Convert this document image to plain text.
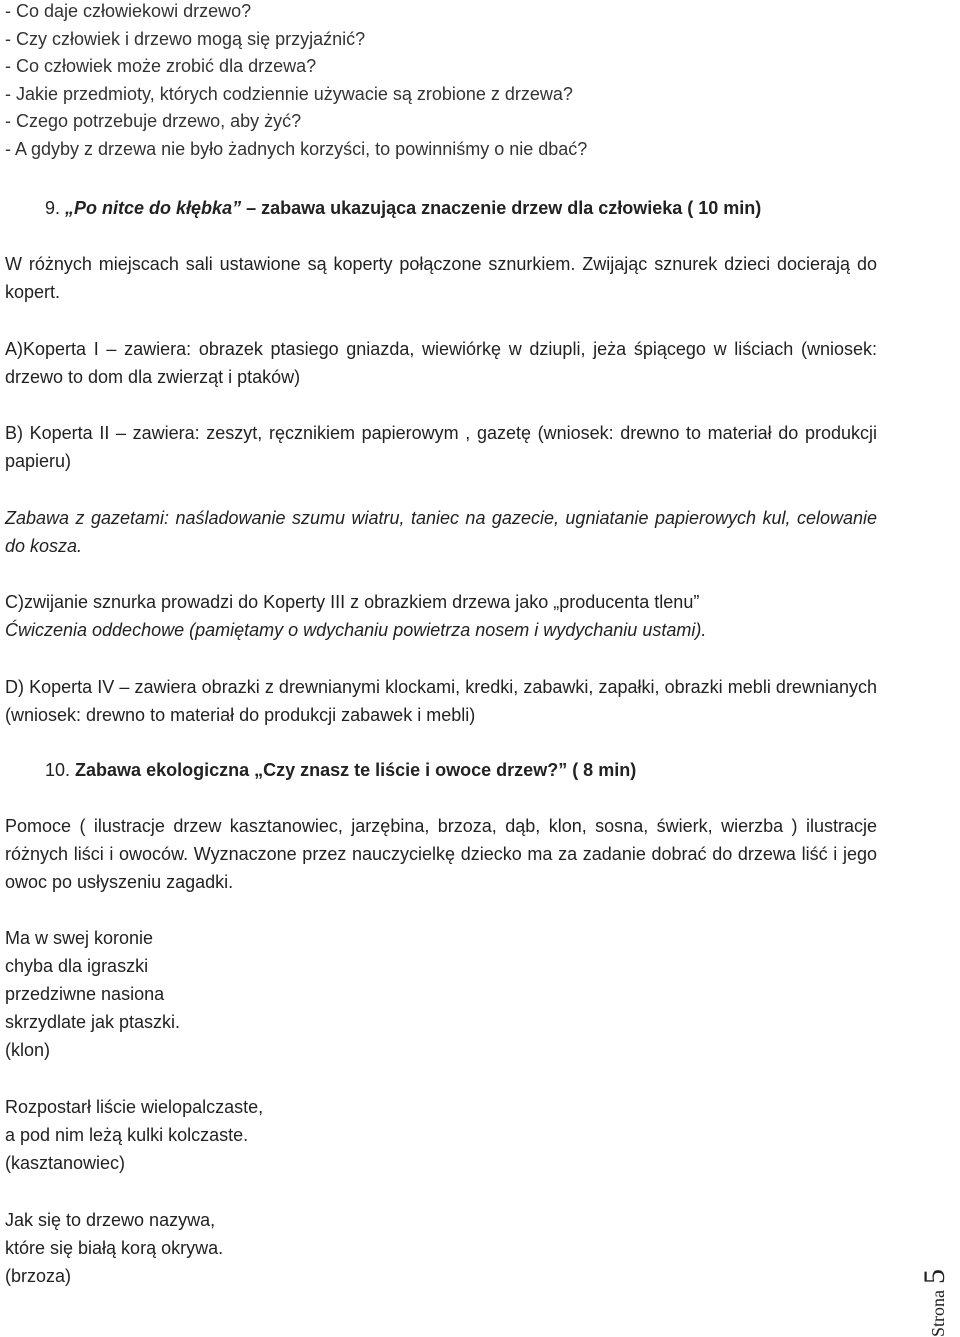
- Co daje człowiekowi drzewo?
- Czy człowiek i drzewo mogą się przyjaźnić?
- Co człowiek może zrobić dla drzewa?
- Jakie przedmioty, których codziennie używacie są zrobione z drzewa?
- Czego potrzebuje drzewo, aby żyć?
- A gdyby z drzewa nie było żadnych korzyści, to powinniśmy o nie dbać?
9. „Po nitce do kłębka” – zabawa ukazująca znaczenie drzew dla człowieka ( 10 min)
W różnych miejscach sali ustawione są koperty połączone sznurkiem. Zwijając sznurek dzieci docierają do kopert.
A)Koperta I – zawiera: obrazek ptasiego gniazda, wiewiórkę w dziupli, jeża śpiącego w liściach (wniosek: drzewo to dom dla zwierząt i ptaków)
B) Koperta II – zawiera: zeszyt, ręcznikiem papierowym , gazetę (wniosek: drewno to materiał do produkcji papieru)
Zabawa z gazetami: naśladowanie szumu wiatru, taniec na gazecie, ugniatanie papierowych kul, celowanie do kosza.
C)zwijanie sznurka prowadzi do Koperty III z obrazkiem drzewa jako „producenta tlenu”
Ćwiczenia oddechowe (pamiętamy o wdychaniu powietrza nosem i wydychaniu ustami).
D) Koperta IV – zawiera obrazki z drewnianymi klockami, kredki, zabawki, zapałki, obrazki mebli drewnianych (wniosek: drewno to materiał do produkcji zabawek i mebli)
10. Zabawa ekologiczna „Czy znasz te liście i owoce drzew?” ( 8 min)
Pomoce ( ilustracje drzew kasztanowiec, jarzębina, brzoza, dąb, klon, sosna, świerk, wierzba ) ilustracje różnych liści i owoców. Wyznaczone przez nauczycielkę dziecko ma za zadanie dobrać do drzewa liść i jego owoc po usłyszeniu zagadki.
Ma w swej koronie
chyba dla igraszki
przedziwne nasiona
skrzydlate jak ptaszki.
(klon)
Rozpostarł liście wielopalczaste,
a pod nim leżą kulki kolczaste.
(kasztanowiec)
Jak się to drzewo nazywa,
które się białą korą okrywa.
(brzoza)
Strona5
